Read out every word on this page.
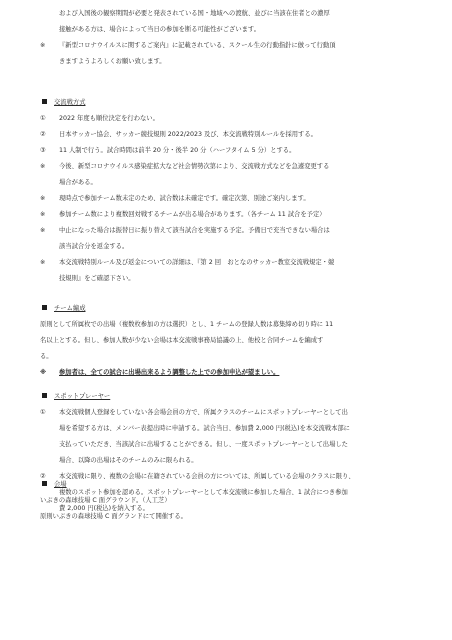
および入国後の観察期間が必要と発表されている国・地域への渡航、並びに当該在住者との濃厚
接触がある方は、場合によって当日の参加を断る可能性がございます。
※ 『新型コロナウイルスに関するご案内』に記載されている、スクール生の行動指針に倣って行動頂
きますようよろしくお願い致します。
交流戦方式
① 2022 年度も順位決定を行わない。
② 日本サッカー協会、サッカー競技規則 2022/2023 及び、本交流戦特別ルールを採用する。
③ 11 人制で行う。試合時間は前半 20 分・後半 20 分（ハーフタイム 5 分）とする。
※ 今後、新型コロナウイルス感染症拡大など社会情勢次第により、交流戦方式などを急遽変更する
場合がある。
※ 現時点で参加チーム数未定のため、試合数は未確定です。確定次第、別途ご案内します。
※ 参加チーム数により複数回対戦するチームが出る場合があります。（各チーム 11 試合を予定）
※ 中止になった場合は振替日に振り替えて該当試合を実施する予定。予備日で充当できない場合は
該当試合分を返金する。
※ 本交流戦特別ルール及び返金についての詳細は、『第 2 回　おとなのサッカー教室交流戦規定・競
技規則』をご確認下さい。
チーム編成
原則として所属枚での出場（複数枚参加の方は選択）とし、1 チームの登録人数は募集締め切り時に 11
名以上とする。但し、参加人数が少ない会場は本交流戦事務局協議の上、他校と合同チームを編成す
る。
※ 参加者は、全ての試合に出場出来るよう調整した上での参加申込が望ましい。
スポットプレーヤー
① 本交流戦個人登録をしていない各会場会員の方で、所属クラスのチームにスポットプレーヤーとして出
場を希望する方は、メンバー表提出時に申請する。試合当日、参加費 2,000 円(税込)を本交流戦本部に
支払っていただき、当該試合に出場することができる。但し、一度スポットプレーヤーとして出場した
場合、以降の出場はそのチームのみに限られる。
② 本交流戦に限り、複数の会場に在籍されている会員の方については、所属している会場のクラスに限り、
複数のスポット参加を認める。スポットプレーヤーとして本交流戦に参加した場合、1 試合につき参加
費 2,000 円(税込)を納入する。
会場
いぶきの森球技場 C 面グラウンド。（人工芝）
原則いぶきの森球技場 C 面グランドにて開催する。
